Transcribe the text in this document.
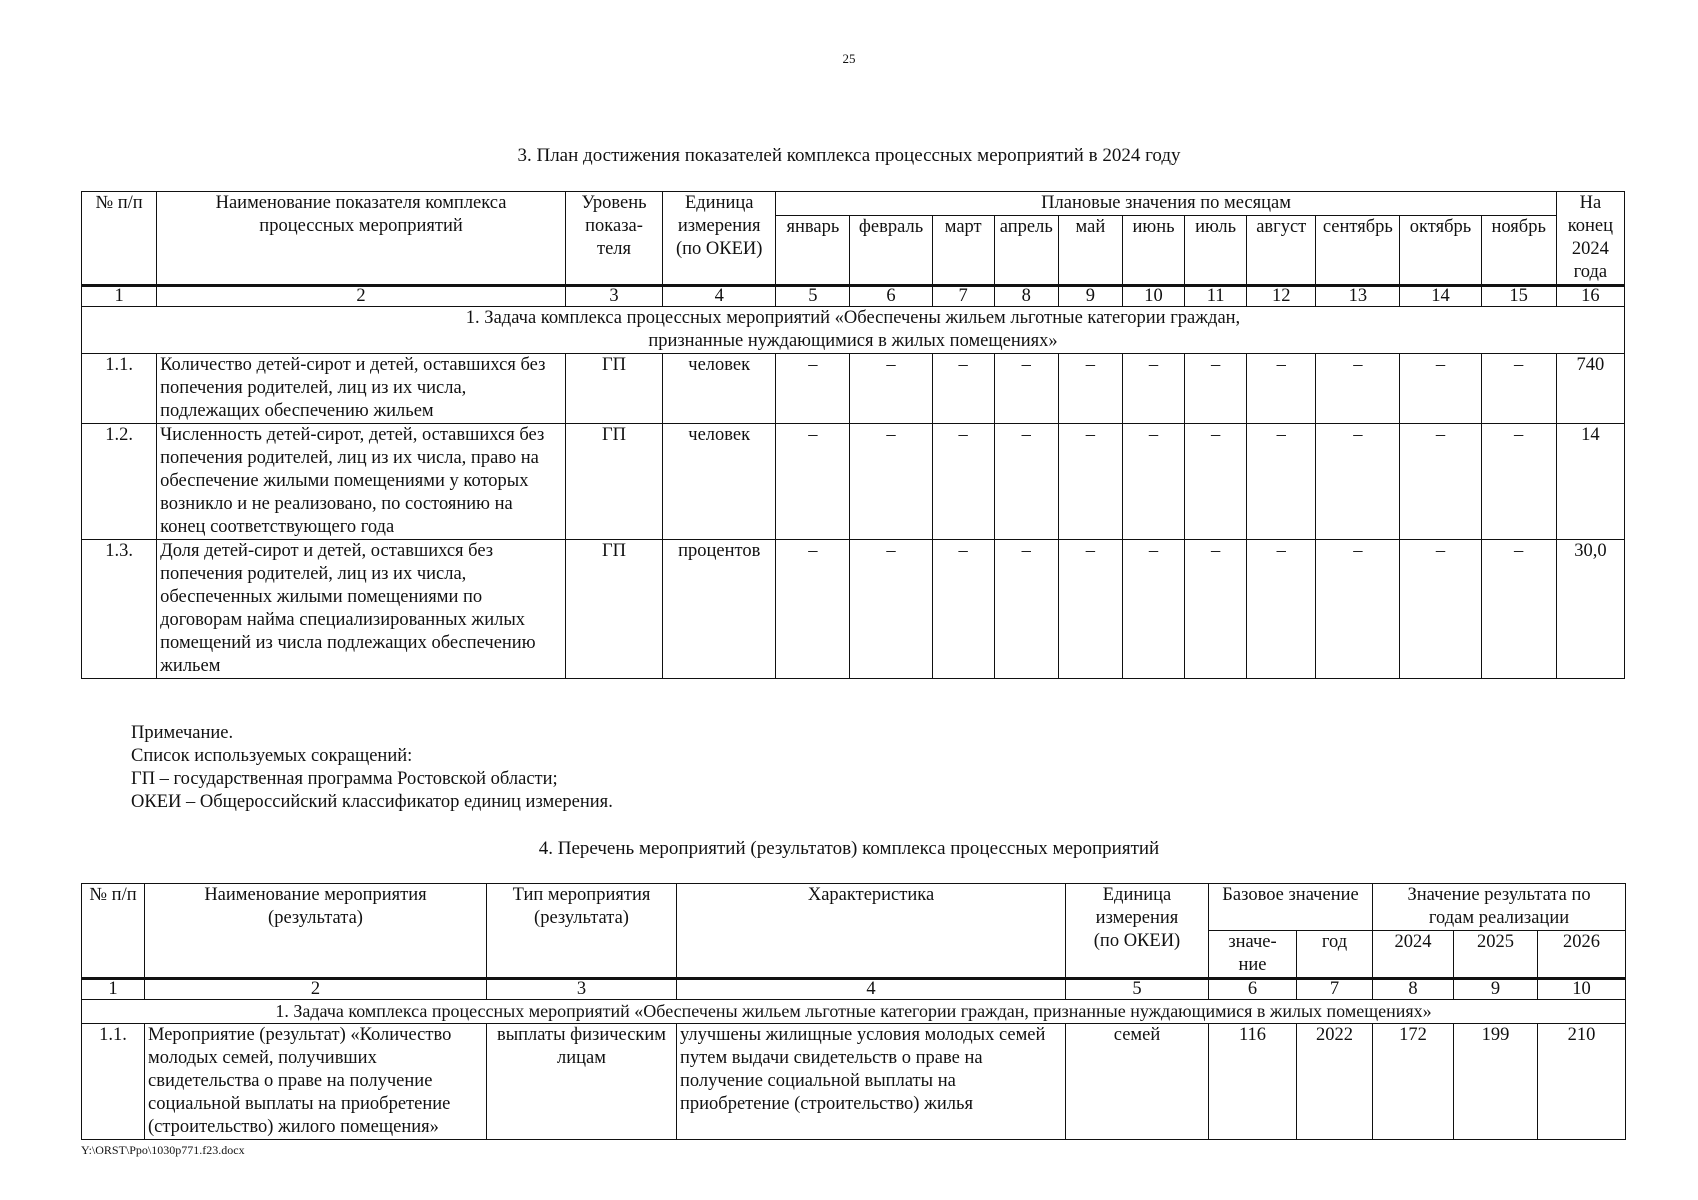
25
3. План достижения показателей комплекса процессных мероприятий в 2024 году
№ п/п	Наименование показателя комплекса процессных мероприятий	Уровень показа-теля	Единица измерения (по ОКЕИ)	Плановые значения по месяцам											На конец 2024 года
				январь	февраль	март	апрель	май	июнь	июль	август	сентябрь	октябрь	ноябрь	
1	2	3	4	5	6	7	8	9	10	11	12	13	14	15	16
1. Задача комплекса процессных мероприятий «Обеспечены жильем льготные категории граждан, признанные нуждающимися в жилых помещениях»															
1.1.	Количество детей-сирот и детей, оставшихся без попечения родителей, лиц из их числа, подлежащих обеспечению жильем	ГП	человек	–	–	–	–	–	–	–	–	–	–	–	740
1.2.	Численность детей-сирот, детей, оставшихся без попечения родителей, лиц из их числа, право на обеспечение жилыми помещениями у которых возникло и не реализовано, по состоянию на конец соответствующего года	ГП	человек	–	–	–	–	–	–	–	–	–	–	–	14
1.3.	Доля детей-сирот и детей, оставшихся без попечения родителей, лиц из их числа, обеспеченных жилыми помещениями по договорам найма специализированных жилых помещений из числа подлежащих обеспечению жильем	ГП	процентов	–	–	–	–	–	–	–	–	–	–	–	30,0
Примечание.
Список используемых сокращений:
ГП – государственная программа Ростовской области;
ОКЕИ – Общероссийский классификатор единиц измерения.
4. Перечень мероприятий (результатов) комплекса процессных мероприятий
№ п/п	Наименование мероприятия (результата)	Тип мероприятия (результата)	Характеристика	Единица измерения (по ОКЕИ)	Базовое значение		Значение результата по годам реализации		
					значе-ние	год	2024	2025	2026
1	2	3	4	5	6	7	8	9	10
1. Задача комплекса процессных мероприятий «Обеспечены жильем льготные категории граждан, признанные нуждающимися в жилых помещениях»									
1.1.	Мероприятие (результат) «Количество молодых семей, получивших свидетельства о праве на получение социальной выплаты на приобретение (строительство) жилого помещения»	выплаты физическим лицам	улучшены жилищные условия молодых семей путем выдачи свидетельств о праве на получение социальной выплаты на приобретение (строительство) жилья	семей	116	2022	172	199	210
Y:\ORST\Ppo\1030p771.f23.docx
